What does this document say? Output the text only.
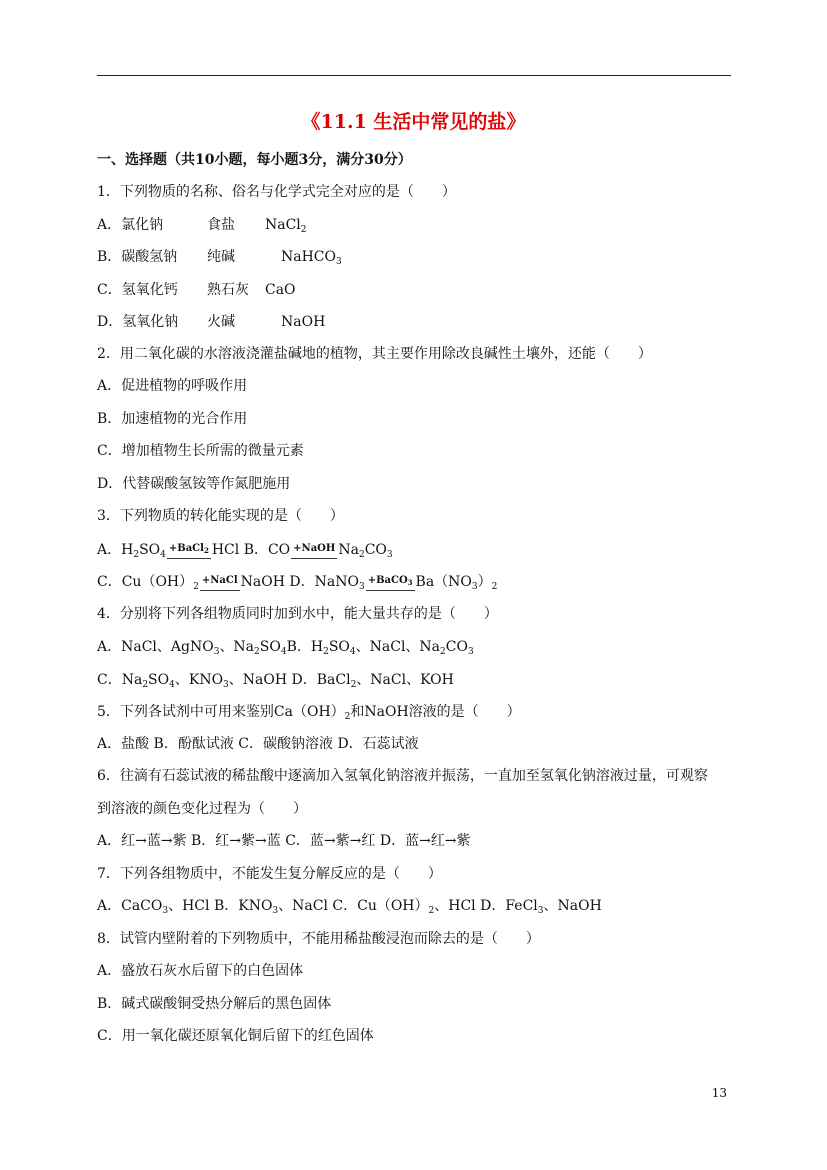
《11.1 生活中常见的盐》
一、选择题（共10小题，每小题3分，满分30分）
1．下列物质的名称、俗名与化学式完全对应的是（　　）
A．氯化钠	食盐 NaCl$_2$
B．碳酸氢钠 纯碱	NaHCO$_3$
C．氢氧化钙 熟石灰 CaO
D．氢氧化钠 火碱	NaOH
2．用二氧化碳的水溶液浇灌盐碱地的植物，其主要作用除改良碱性土壤外，还能（　　）
A．促进植物的呼吸作用
B．加速植物的光合作用
C．增加植物生长所需的微量元素
D．代替碳酸氢铵等作氮肥施用
3．下列物质的转化能实现的是（　　）
A．$H_2SO_4+BaCl_2$ HCl B．CO +NaOH $Na_2CO_3$
C．$Cu(OH)_2+NaCl$ NaOH D．NaNO$_3$+BaCO$_3$ $Ba(NO_3)_2$
4．分别将下列各组物质同时加到水中，能大量共存的是（　　）
A．NaCl、AgNO$_3$、$Na_2SO_4B$．$H_2SO_4$、NaCl、$Na_2CO_3$
C．$Na_2SO_4$、$KNO_3$、NaOH D．BaCl$_2$、NaCl、KOH
5．下列各试剂中可用来鉴别$Ca(OH)_2$和NaOH溶液的是（　　）
A．盐酸 B．酚酞试液 C．碳酸钠溶液 D．石蕊试液
6．往滴有石蕊试液的稀盐酸中逐滴加入氢氧化钠溶液并振荡，一直加至氢氧化钠溶液过量，可观察
到溶液的颜色变化过程为（　　）
A．红→蓝→紫 B．红→紫→蓝 C．蓝→紫→红 D．蓝→红→紫
7．下列各组物质中，不能发生复分解反应的是（　　）
A．CaCO$_3$、HCl B．$KNO_3$、NaCl C．$Cu(OH)_2$、HCl D．FeCl$_3$、NaOH
8．试管内壁附着的下列物质中，不能用稀盐酸浸泡而除去的是（　　）
A．盛放石灰水后留下的白色固体
B．碱式碳酸铜受热分解后的黑色固体
C．用一氧化碳还原氧化铜后留下的红色固体
13
